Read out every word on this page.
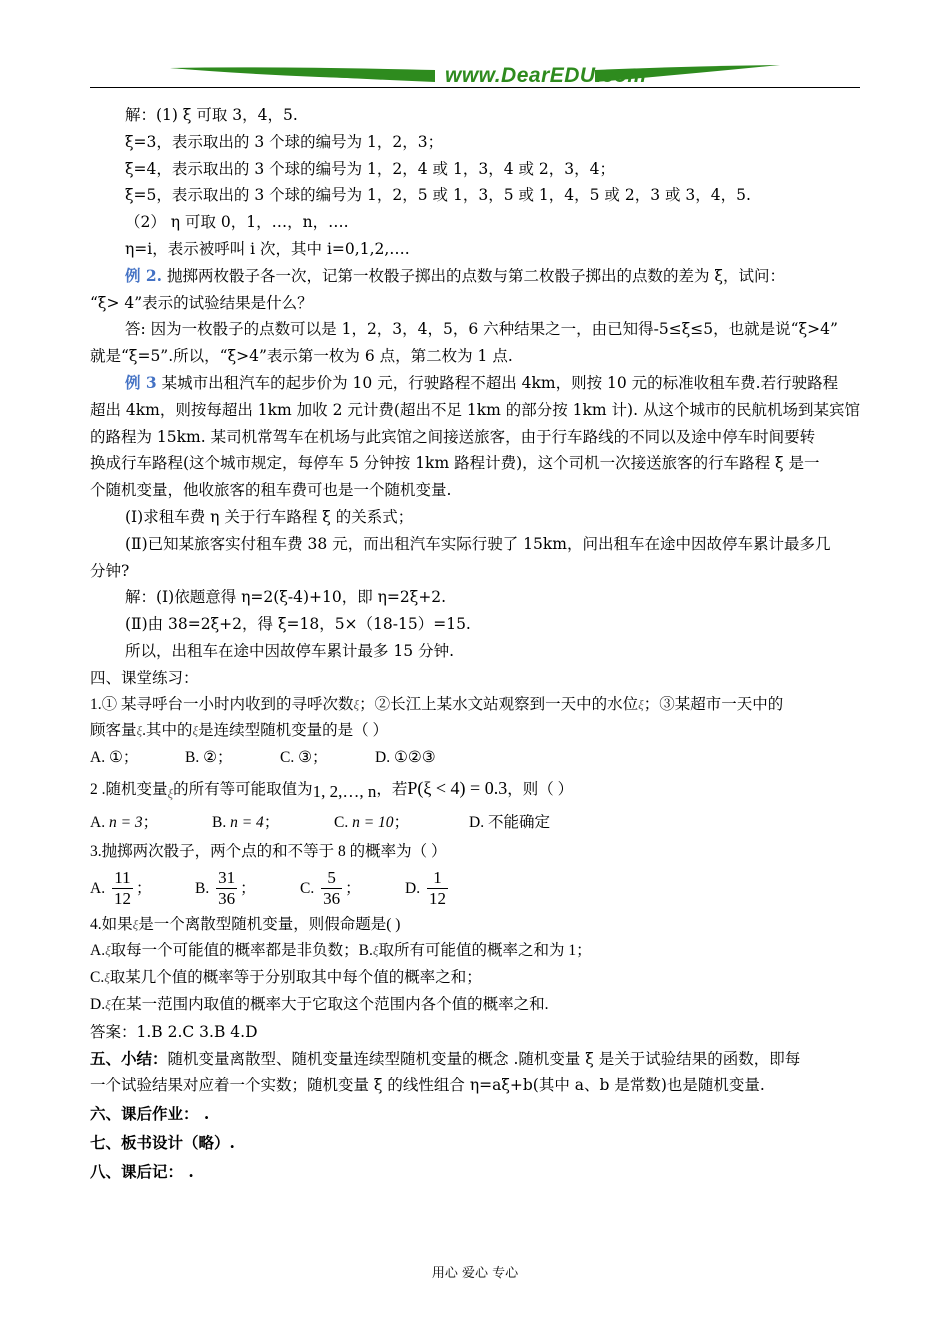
www.DearEDU.com

解：(1) ξ 可取 3，4，5.

ξ=3，表示取出的 3 个球的编号为 1，2，3；

ξ=4，表示取出的 3 个球的编号为 1，2，4 或 1，3，4 或 2，3，4；

ξ=5，表示取出的 3 个球的编号为 1，2，5 或 1，3，5 或 1，4，5 或 2，3 或 3，4，5.

（2） η 可取 0，1，…，n，….

η=i，表示被呼叫 i 次，其中 i=0,1,2,….

例 2. 抛掷两枚骰子各一次，记第一枚骰子掷出的点数与第二枚骰子掷出的点数的差为 ξ，试问：

“ξ> 4”表示的试验结果是什么？

答: 因为一枚骰子的点数可以是 1，2，3，4，5，6 六种结果之一，由已知得-5≤ξ≤5，也就是说“ξ>4”

就是“ξ=5”.所以，“ξ>4”表示第一枚为 6 点，第二枚为 1 点.

例 3 某城市出租汽车的起步价为 10 元，行驶路程不超出 4km，则按 10 元的标准收租车费.若行驶路程

超出 4km，则按每超出 1km 加收 2 元计费(超出不足 1km 的部分按 1km 计). 从这个城市的民航机场到某宾馆

的路程为 15km. 某司机常驾车在机场与此宾馆之间接送旅客，由于行车路线的不同以及途中停车时间要转

换成行车路程(这个城市规定，每停车 5 分钟按 1km 路程计费)，这个司机一次接送旅客的行车路程 ξ 是一

个随机变量，他收旅客的租车费可也是一个随机变量.

(Ⅰ)求租车费 η 关于行车路程 ξ 的关系式；

(Ⅱ)已知某旅客实付租车费 38 元，而出租汽车实际行驶了 15km，问出租车在途中因故停车累计最多几

分钟?

解：(Ⅰ)依题意得 η=2(ξ-4)+10，即 η=2ξ+2.

(Ⅱ)由 38=2ξ+2，得 ξ=18，5×（18-15）=15.

所以，出租车在途中因故停车累计最多 15 分钟.

四、课堂练习：

1.① 某寻呼台一小时内收到的寻呼次数ξ；②长江上某水文站观察到一天中的水位ξ；③某超市一天中的

顾客量ξ.其中的ξ是连续型随机变量的是（ ）

A. ①；	B. ②；	C. ③；	D. ①②③

2 .随机变量$_\xi$的所有等可能取值为1, 2,…, n，若P(ξ < 4) = 0.3，则（ ）

A. n = 3；	B. n = 4；	C. n = 10；	D. 不能确定

3.抛掷两次骰子，两个点的和不等于 8 的概率为（ ）

A. $\frac{11}{12}$ ；	B. $\frac{31}{36}$ ；	C. $\frac{5}{36}$ ；	D. $\frac{1}{12}$

4.如果ξ是一个离散型随机变量，则假命题是( )

A.ξ取每一个可能值的概率都是非负数；B.ξ取所有可能值的概率之和为 1；

C.ξ取某几个值的概率等于分别取其中每个值的概率之和；

D.ξ在某一范围内取值的概率大于它取这个范围内各个值的概率之和.

答案：1.B 2.C 3.B 4.D

五、小结：随机变量离散型、随机变量连续型随机变量的概念 .随机变量 ξ 是关于试验结果的函数，即每

一个试验结果对应着一个实数；随机变量 ξ 的线性组合 η=aξ+b(其中 a、b 是常数)也是随机变量.

六、课后作业： .

七、板书设计（略）.

八、课后记： .

用心 爱心 专心
